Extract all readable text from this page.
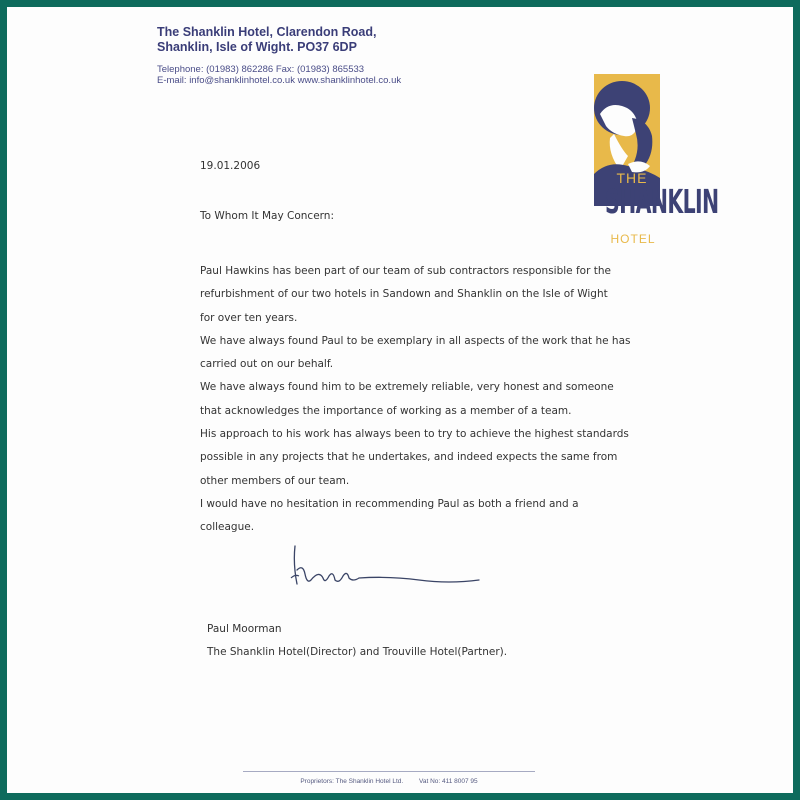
The Shanklin Hotel, Clarendon Road,
Shanklin, Isle of Wight. PO37 6DP
Telephone: (01983) 862286 Fax: (01983) 865533
E-mail: info@shanklinhotel.co.uk www.shanklinhotel.co.uk
THE
SHANKLIN
HOTEL
19.01.2006
To Whom It May Concern:

Paul Hawkins has been part of our team of sub contractors responsible for the

refurbishment of our two hotels in Sandown and Shanklin on the Isle of Wight

for over ten years.

We have always found Paul to be exemplary in all aspects of the work that he has

carried out on our behalf.

We have always found him to be extremely reliable, very honest and someone

that acknowledges the importance of working as a member of a team.

His approach to his work has always been to try to achieve the highest standards

possible in any projects that he undertakes, and indeed expects the same from

other members of our team.

I would have no hesitation in recommending Paul as both a friend and a

colleague.

Paul Moorman
The Shanklin Hotel(Director) and Trouville Hotel(Partner).
Proprietors: The Shanklin Hotel Ltd. Vat No: 411 8007 95
